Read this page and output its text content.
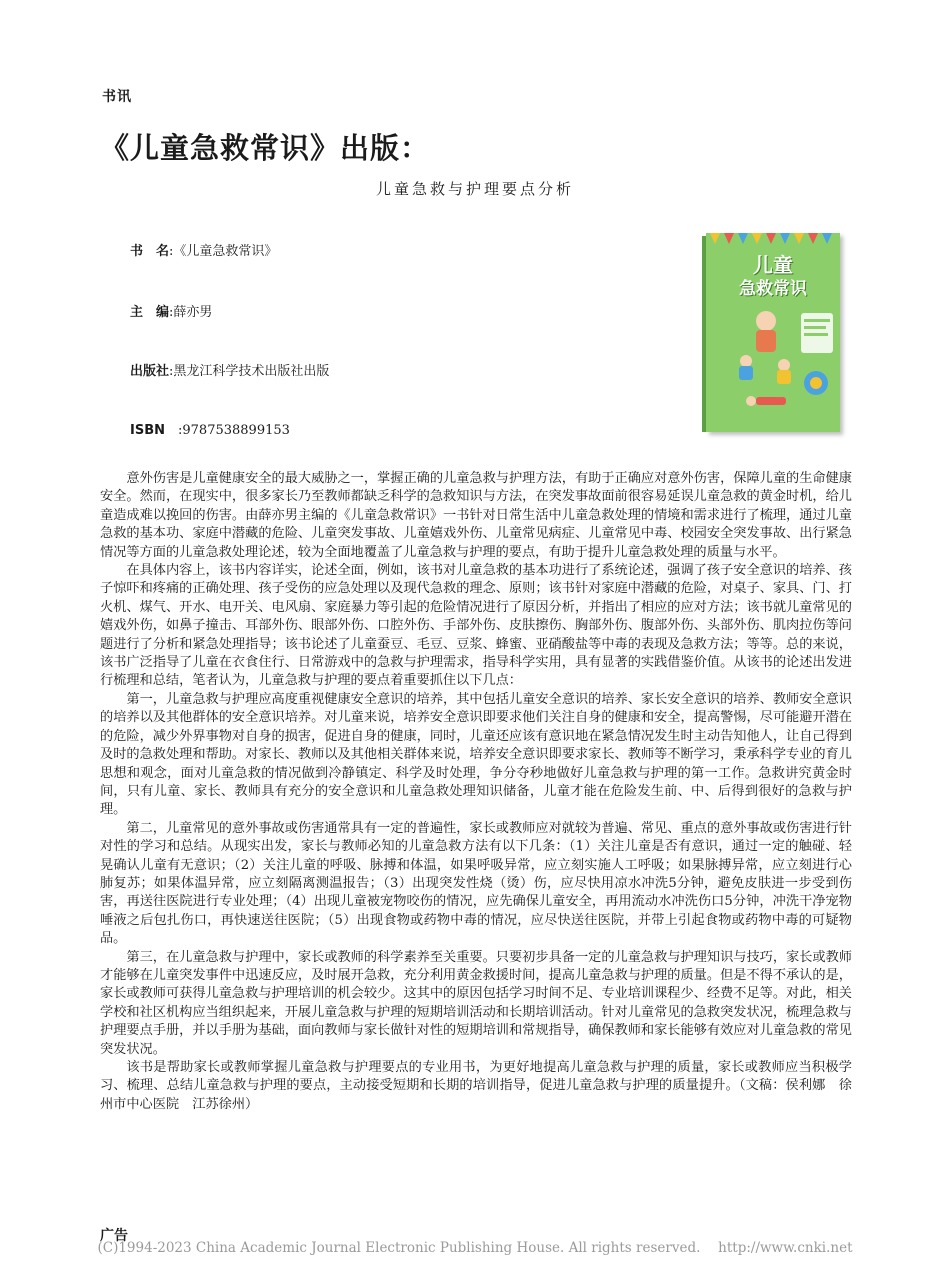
书讯
《儿童急救常识》出版：
儿童急救与护理要点分析
书　名:《儿童急救常识》
主　编:薛亦男
出版社:黑龙江科学技术出版社出版
ISBN　:9787538899153
儿童
急救常识

意外伤害是儿童健康安全的最大威胁之一，掌握正确的儿童急救与护理方法，有助于正确应对意外伤害，保障儿童的生命健康安全。然而，在现实中，很多家长乃至教师都缺乏科学的急救知识与方法，在突发事故面前很容易延误儿童急救的黄金时机，给儿童造成难以挽回的伤害。由薛亦男主编的《儿童急救常识》一书针对日常生活中儿童急救处理的情境和需求进行了梳理，通过儿童急救的基本功、家庭中潜藏的危险、儿童突发事故、儿童嬉戏外伤、儿童常见病症、儿童常见中毒、校园安全突发事故、出行紧急情况等方面的儿童急救处理论述，较为全面地覆盖了儿童急救与护理的要点，有助于提升儿童急救处理的质量与水平。

在具体内容上，该书内容详实，论述全面，例如，该书对儿童急救的基本功进行了系统论述，强调了孩子安全意识的培养、孩子惊吓和疼痛的正确处理、孩子受伤的应急处理以及现代急救的理念、原则；该书针对家庭中潜藏的危险，对桌子、家具、门、打火机、煤气、开水、电开关、电风扇、家庭暴力等引起的危险情况进行了原因分析，并指出了相应的应对方法；该书就儿童常见的嬉戏外伤，如鼻子撞击、耳部外伤、眼部外伤、口腔外伤、手部外伤、皮肤擦伤、胸部外伤、腹部外伤、头部外伤、肌肉拉伤等问题进行了分析和紧急处理指导；该书论述了儿童蚕豆、毛豆、豆浆、蜂蜜、亚硝酸盐等中毒的表现及急救方法；等等。总的来说，该书广泛指导了儿童在衣食住行、日常游戏中的急救与护理需求，指导科学实用，具有显著的实践借鉴价值。从该书的论述出发进行梳理和总结，笔者认为，儿童急救与护理的要点着重要抓住以下几点：

第一，儿童急救与护理应高度重视健康安全意识的培养，其中包括儿童安全意识的培养、家长安全意识的培养、教师安全意识的培养以及其他群体的安全意识培养。对儿童来说，培养安全意识即要求他们关注自身的健康和安全，提高警惕，尽可能避开潜在的危险，减少外界事物对自身的损害，促进自身的健康，同时，儿童还应该有意识地在紧急情况发生时主动告知他人，让自己得到及时的急救处理和帮助。对家长、教师以及其他相关群体来说，培养安全意识即要求家长、教师等不断学习，秉承科学专业的育儿思想和观念，面对儿童急救的情况做到冷静镇定、科学及时处理，争分夺秒地做好儿童急救与护理的第一工作。急救讲究黄金时间，只有儿童、家长、教师具有充分的安全意识和儿童急救处理知识储备，儿童才能在危险发生前、中、后得到很好的急救与护理。

第二，儿童常见的意外事故或伤害通常具有一定的普遍性，家长或教师应对就较为普遍、常见、重点的意外事故或伤害进行针对性的学习和总结。从现实出发，家长与教师必知的儿童急救方法有以下几条：（1）关注儿童是否有意识，通过一定的触碰、轻晃确认儿童有无意识；（2）关注儿童的呼吸、脉搏和体温，如果呼吸异常，应立刻实施人工呼吸；如果脉搏异常，应立刻进行心肺复苏；如果体温异常，应立刻隔离测温报告；（3）出现突发性烧（烫）伤，应尽快用凉水冲洗5分钟，避免皮肤进一步受到伤害，再送往医院进行专业处理；（4）出现儿童被宠物咬伤的情况，应先确保儿童安全，再用流动水冲洗伤口5分钟，冲洗干净宠物唾液之后包扎伤口，再快速送往医院；（5）出现食物或药物中毒的情况，应尽快送往医院，并带上引起食物或药物中毒的可疑物品。

第三，在儿童急救与护理中，家长或教师的科学素养至关重要。只要初步具备一定的儿童急救与护理知识与技巧，家长或教师才能够在儿童突发事件中迅速反应，及时展开急救，充分利用黄金救援时间，提高儿童急救与护理的质量。但是不得不承认的是，家长或教师可获得儿童急救与护理培训的机会较少。这其中的原因包括学习时间不足、专业培训课程少、经费不足等。对此，相关学校和社区机构应当组织起来，开展儿童急救与护理的短期培训活动和长期培训活动。针对儿童常见的急救突发状况，梳理急救与护理要点手册，并以手册为基础，面向教师与家长做针对性的短期培训和常规指导，确保教师和家长能够有效应对儿童急救的常见突发状况。

该书是帮助家长或教师掌握儿童急救与护理要点的专业用书，为更好地提高儿童急救与护理的质量，家长或教师应当积极学习、梳理、总结儿童急救与护理的要点，主动接受短期和长期的培训指导，促进儿童急救与护理的质量提升。（文稿：侯利娜　徐州市中心医院　江苏徐州）

广告
(C)1994-2023 China Academic Journal Electronic Publishing House. All rights reserved.　 http://www.cnki.net
